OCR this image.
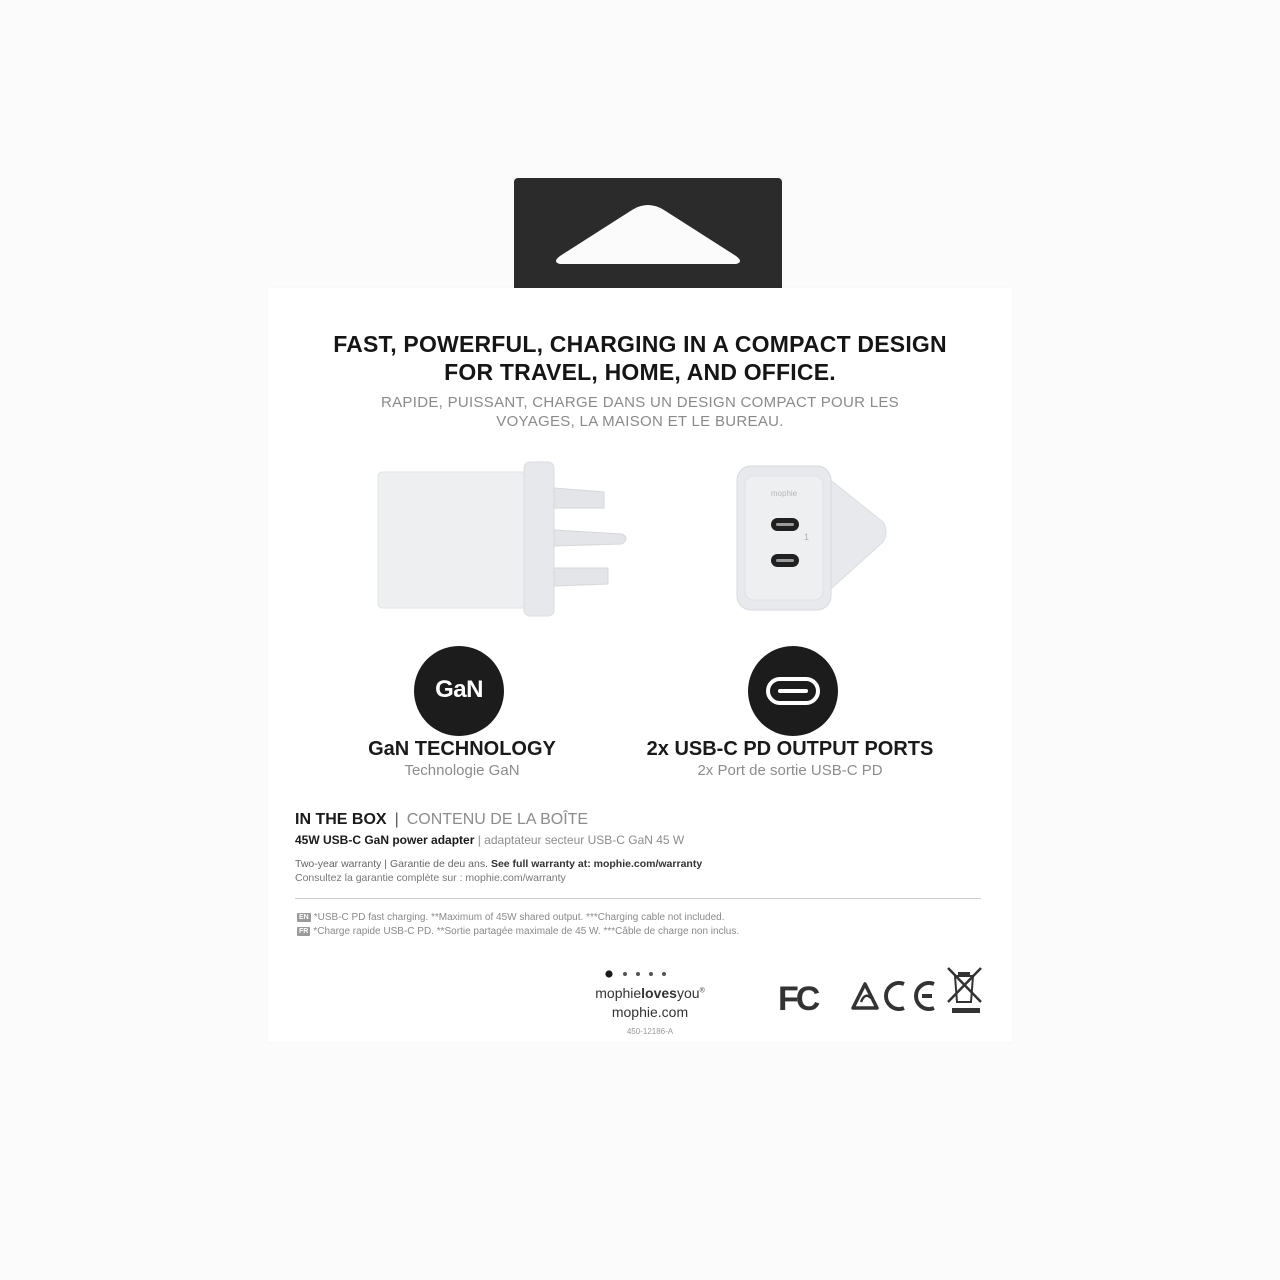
FAST, POWERFUL, CHARGING IN A COMPACT DESIGN
FOR TRAVEL, HOME, AND OFFICE.
RAPIDE, PUISSANT, CHARGE DANS UN DESIGN COMPACT POUR LES
VOYAGES, LA MAISON ET LE BUREAU.
mophie
1
GaN
GaN TECHNOLOGY
Technologie GaN
2x USB-C PD OUTPUT PORTS
2x Port de sortie USB-C PD
IN THE BOX | CONTENU DE LA BOÎTE
45W USB-C GaN power adapter | adaptateur secteur USB-C GaN 45 W
Two-year warranty | Garantie de deu ans. See full warranty at: mophie.com/warranty
Consultez la garantie complète sur : mophie.com/warranty
EN *USB-C PD fast charging. **Maximum of 45W shared output. ***Charging cable not included.
FR *Charge rapide USB-C PD. **Sortie partagée maximale de 45 W. ***Câble de charge non inclus.
mophielovesyou®
mophie.com
450-12186-A
FC
